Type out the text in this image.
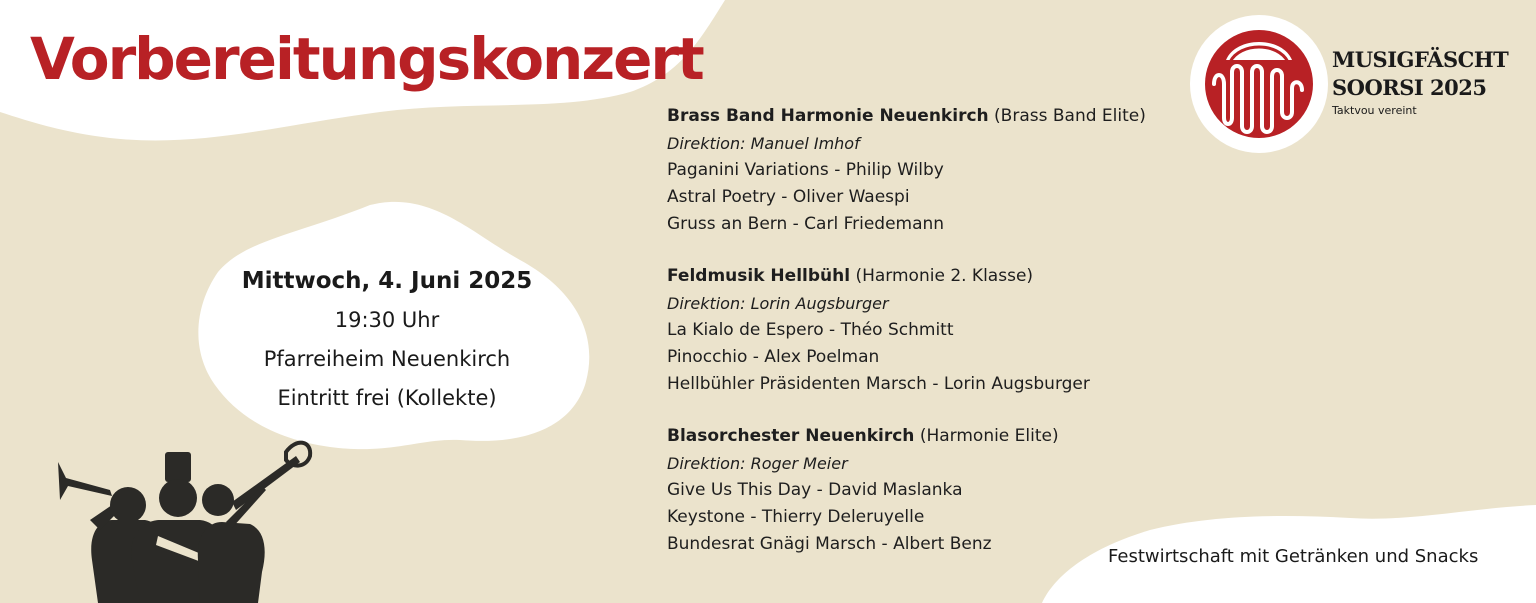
Vorbereitungskonzert
Mittwoch, 4. Juni 2025
19:30 Uhr
Pfarreiheim Neuenkirch
Eintritt frei (Kollekte)
Brass Band Harmonie Neuenkirch (Brass Band Elite)
Direktion: Manuel Imhof
Paganini Variations - Philip Wilby
Astral Poetry - Oliver Waespi
Gruss an Bern - Carl Friedemann
Feldmusik Hellbühl (Harmonie 2. Klasse)
Direktion: Lorin Augsburger
La Kialo de Espero - Théo Schmitt
Pinocchio - Alex Poelman
Hellbühler Präsidenten Marsch - Lorin Augsburger
Blasorchester Neuenkirch (Harmonie Elite)
Direktion: Roger Meier
Give Us This Day - David Maslanka
Keystone - Thierry Deleruyelle
Bundesrat Gnägi Marsch - Albert Benz
MUSIGFÄSCHT
SOORSI 2025
Taktvou vereint
Festwirtschaft mit Getränken und Snacks
